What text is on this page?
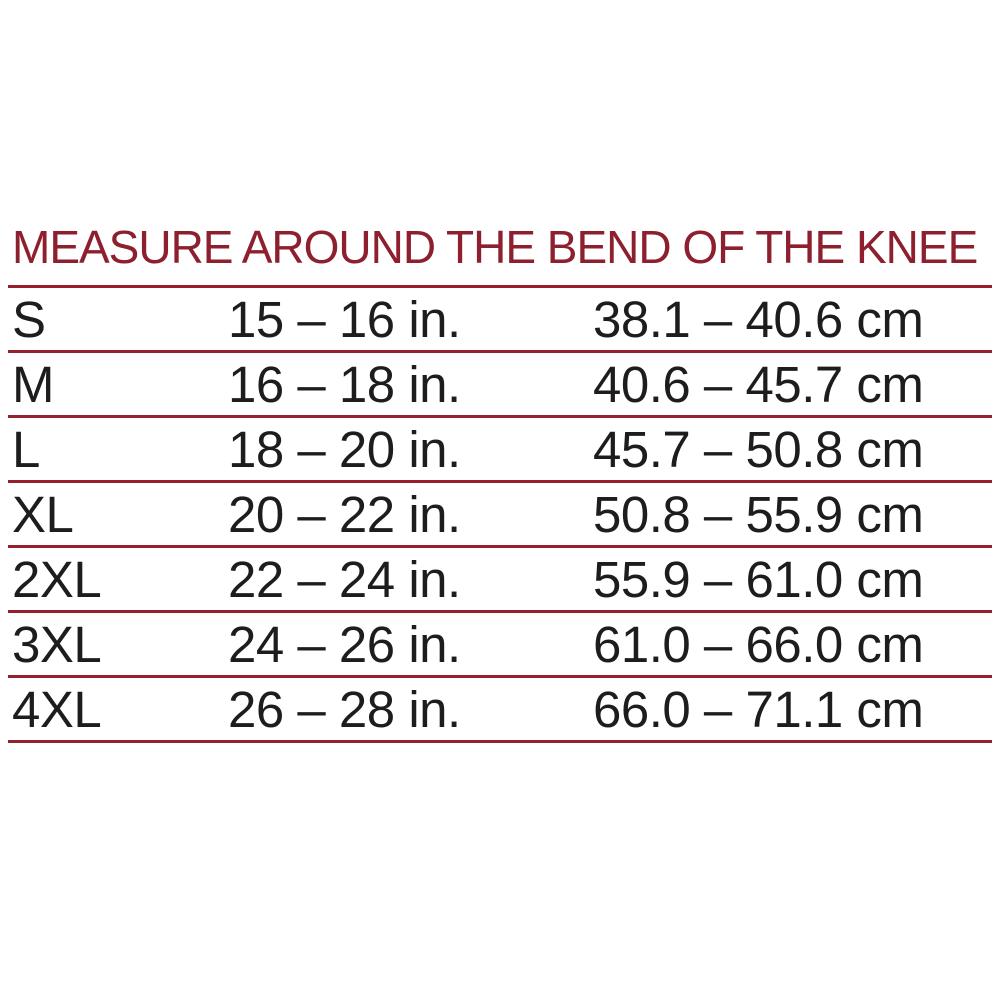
MEASURE AROUND THE BEND OF THE KNEE
S	15 – 16 in.	38.1 – 40.6 cm
M	16 – 18 in.	40.6 – 45.7 cm
L	18 – 20 in.	45.7 – 50.8 cm
XL	20 – 22 in.	50.8 – 55.9 cm
2XL	22 – 24 in.	55.9 – 61.0 cm
3XL	24 – 26 in.	61.0 – 66.0 cm
4XL	26 – 28 in.	66.0 – 71.1 cm
